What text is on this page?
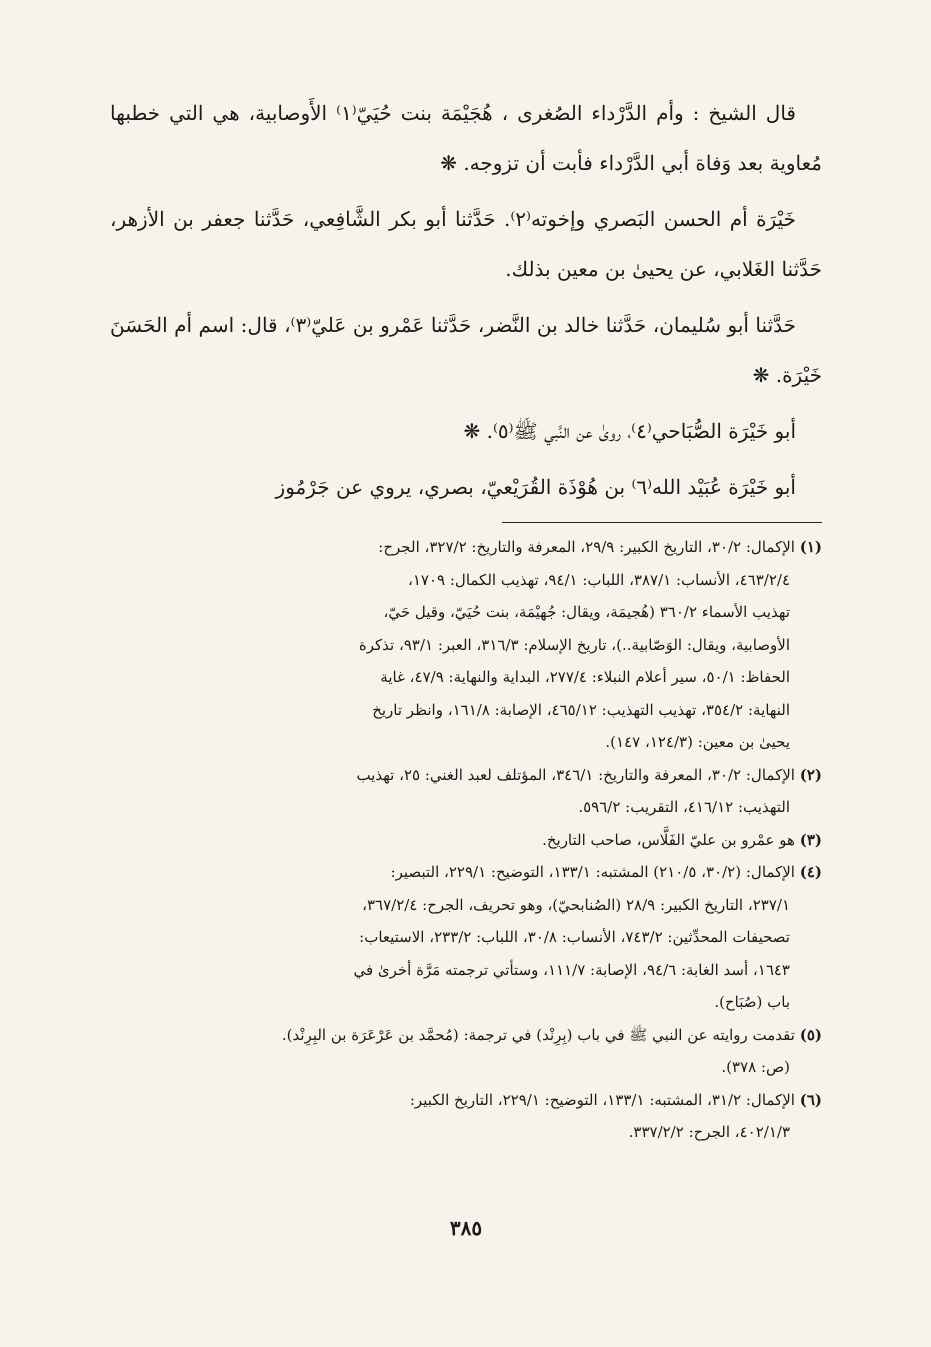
قال الشيخ : وأم الدَّرْداء الصُغرى ، هُجَيْمَة بنت حُيَيّ⁽١⁾ الأَوصابية، هي التي خطبها مُعاوية بعد وَفاة أبي الدَّرْداء فأبت أن تزوجه. ❋

خَيْرَة أم الحسن البَصري وإخوته⁽٢⁾. حَدَّثنا أبو بكر الشَّافِعي، حَدَّثنا جعفر بن الأزهر، حَدَّثنا الغَلابي، عن يحيىٰ بن معين بذلك.

حَدَّثنا أبو سُليمان، حَدَّثنا خالد بن النَّضر، حَدَّثنا عَمْرو بن عَليّ⁽٣⁾، قال: اسم أم الحَسَنَ خَيْرَة. ❋

أبو خَيْرَة الصُّبَاحي⁽٤⁾، روىٰ عن النَّبي ﷺ⁽٥⁾. ❋

أبو خَيْرَة عُبَيْد الله⁽٦⁾ بن هُوْذَة القُرَيْعيّ، بصري، يروي عن جَرْمُوز

(١) الإكمال: ٣٠/٢، التاريخ الكبير: ٢٩/٩، المعرفة والتاريخ: ٣٢٧/٢، الجرح:
٤٦٣/٢/٤، الأنساب: ٣٨٧/١، اللباب: ٩٤/١، تهذيب الكمال: ١٧٠٩،
تهذيب الأسماء ٣٦٠/٢ (هُجيمَة، ويقال: جُهيْمَة، بنت حُيَيّ، وقيل حَيّ،
الأوصابية، ويقال: الوَصّابية..)، تاريخ الإسلام: ٣١٦/٣، العبر: ٩٣/١، تذكرة
الحفاظ: ٥٠/١، سير أعلام النبلاء: ٢٧٧/٤، البداية والنهاية: ٤٧/٩، غاية
النهاية: ٣٥٤/٢، تهذيب التهذيب: ٤٦٥/١٢، الإصابة: ١٦١/٨، وانظر تاريخ
يحيىٰ بن معين: (١٢٤/٣، ١٤٧).
(٢) الإكمال: ٣٠/٢، المعرفة والتاريخ: ٣٤٦/١، المؤتلف لعبد الغني: ٢٥، تهذيب
التهذيب: ٤١٦/١٢، التقريب: ٥٩٦/٢.
(٣) هو عمْرو بن عليّ الفَلَّاس، صاحب التاريخ.
(٤) الإكمال: (٣٠/٢، ٢١٠/٥) المشتبه: ١٣٣/١، التوضيح: ٢٢٩/١، التبصير:
٢٣٧/١، التاريخ الكبير: ٢٨/٩ (الصُنابحيّ)، وهو تحريف، الجرح: ٣٦٧/٢/٤،
تصحيفات المحدِّثين: ٧٤٣/٢، الأنساب: ٣٠/٨، اللباب: ٢٣٣/٢، الاستيعاب:
١٦٤٣، أسد الغابة: ٩٤/٦، الإصابة: ١١١/٧، وستأتي ترجمته مَرَّة أخرىٰ في
باب (صُبَاح).
(٥) تقدمت روايته عن النبي ﷺ في باب (بِرِنْد) في ترجمة: (مُحمَّد بن عَرْعَرَة بن البِرِنْد).
(ص: ٣٧٨).
(٦) الإكمال: ٣١/٢، المشتبه: ١٣٣/١، التوضيح: ٢٢٩/١، التاريخ الكبير:
٤٠٢/١/٣، الجرح: ٣٣٧/٢/٢.
٣٨٥
